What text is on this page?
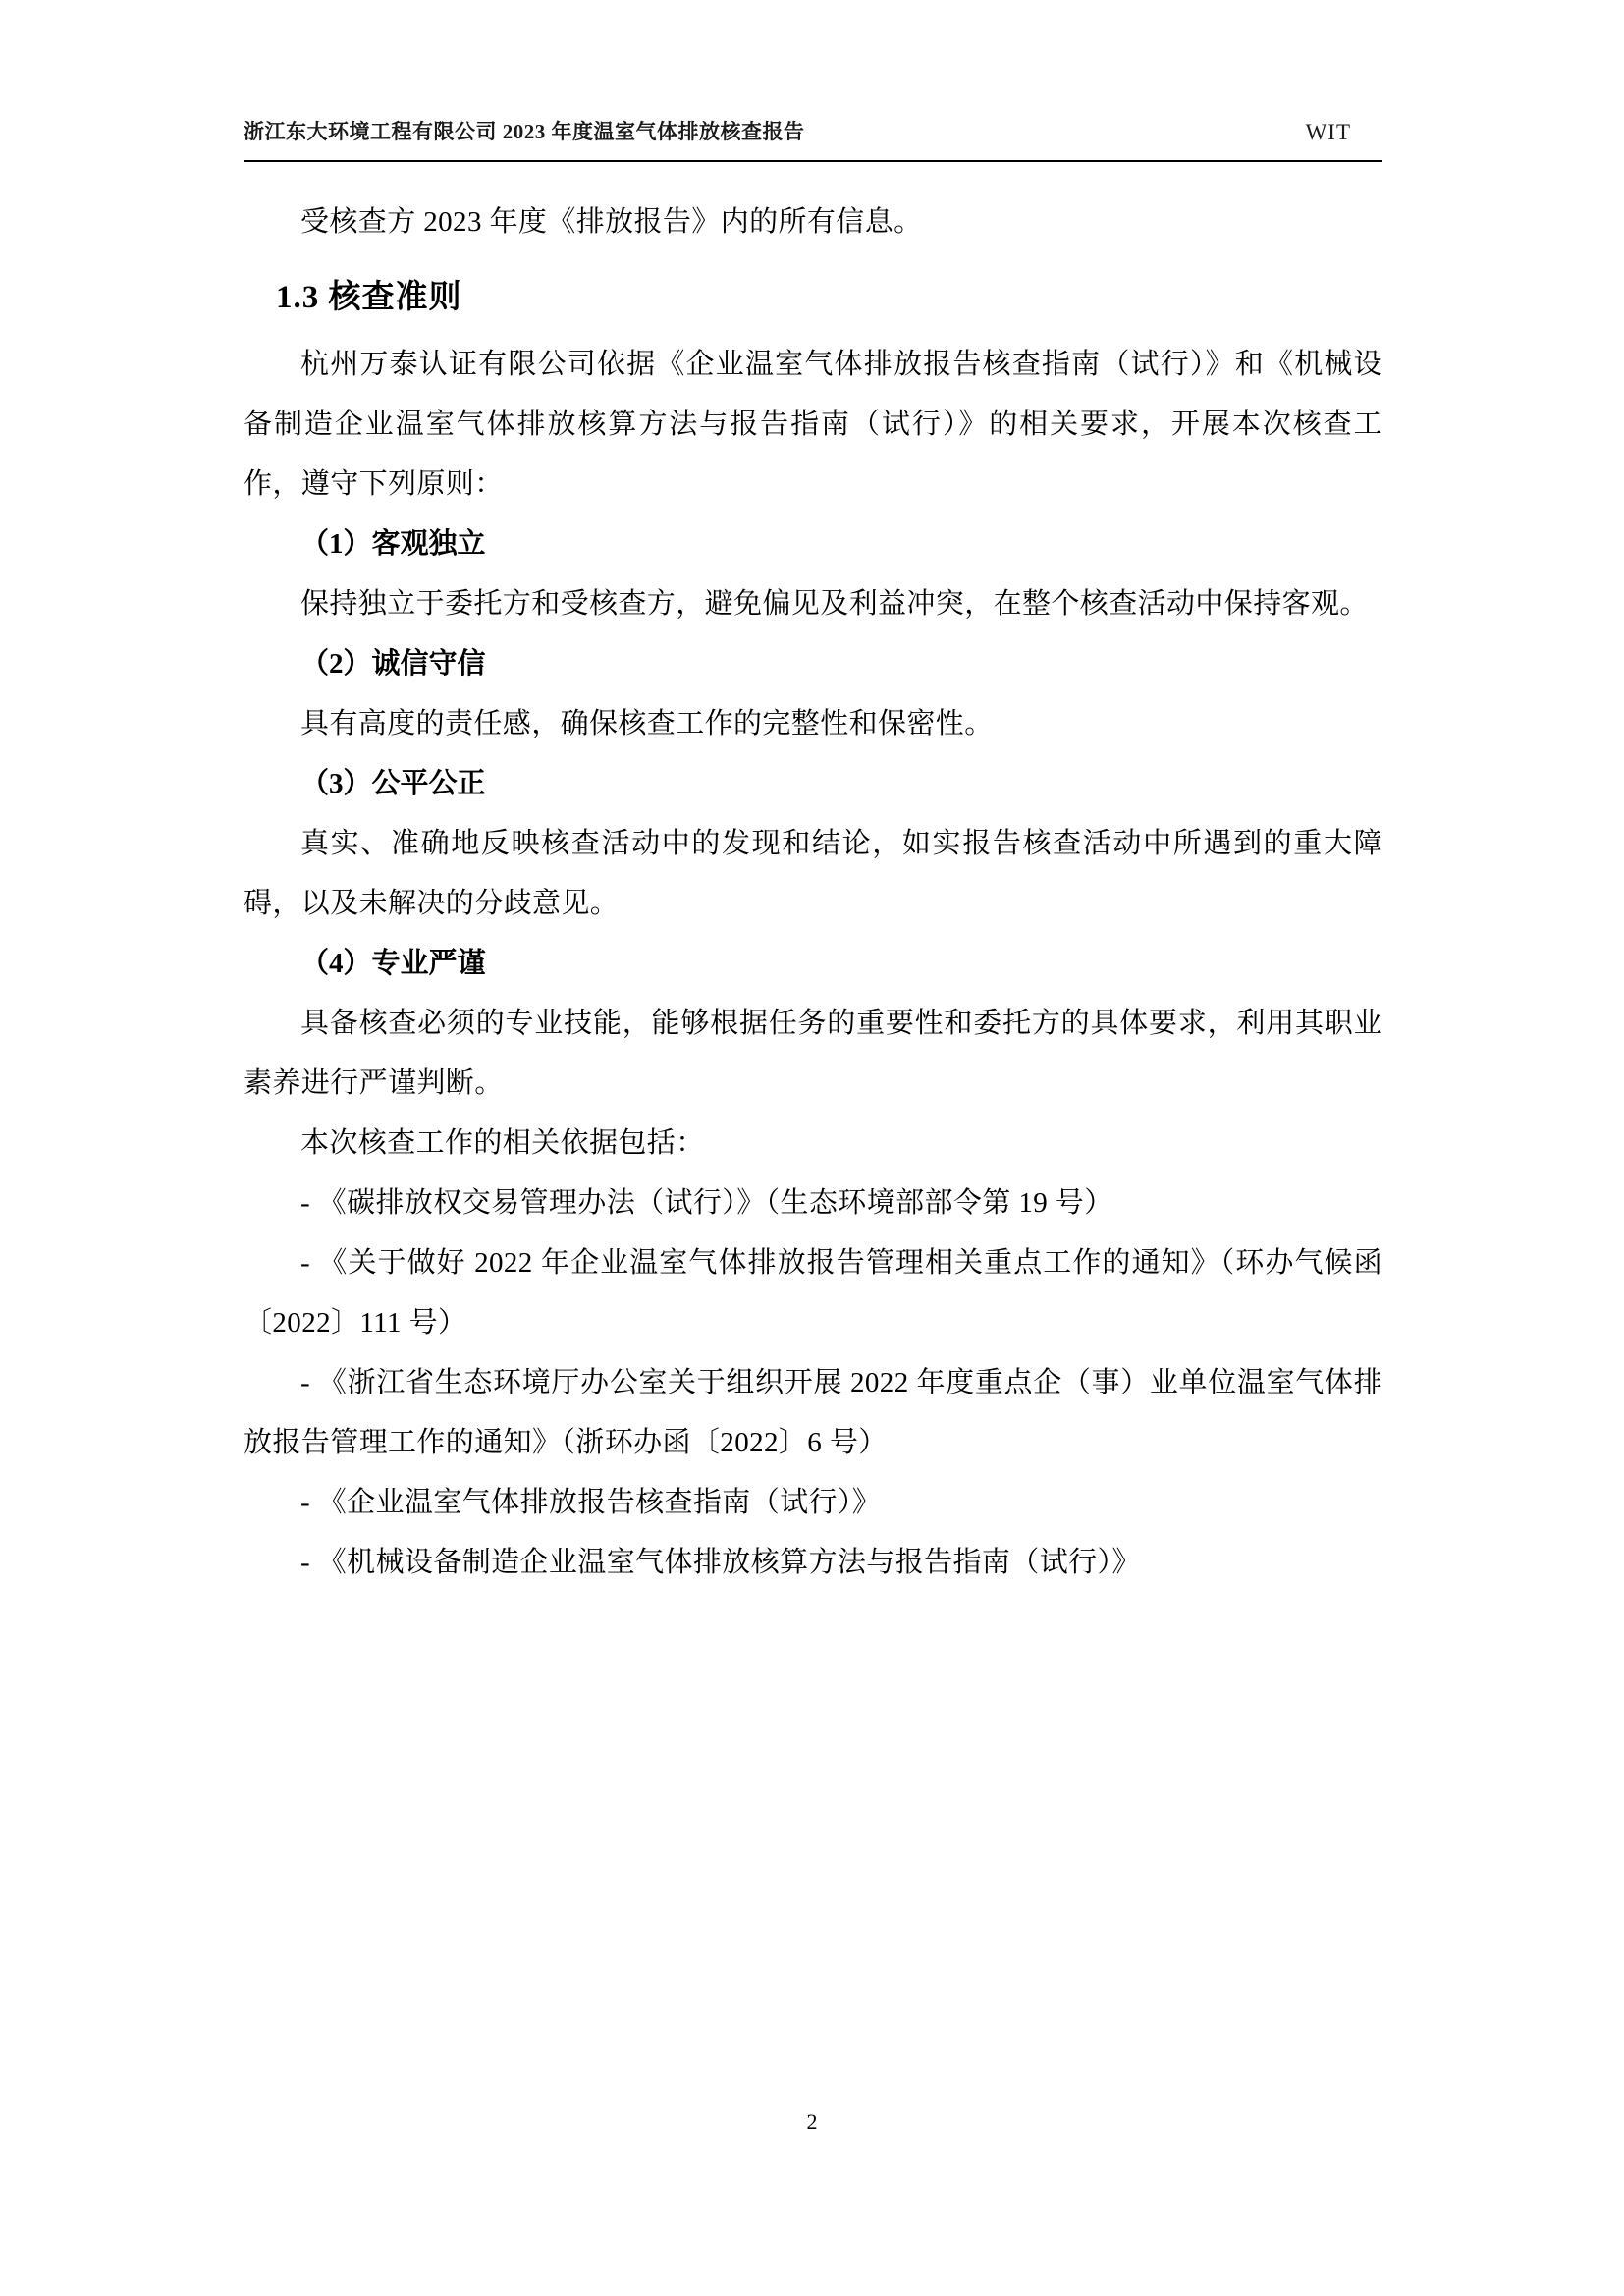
浙江东大环境工程有限公司 2023 年度温室气体排放核查报告	WIT

受核查方 2023 年度《排放报告》内的所有信息。

1.3 核查准则

杭州万泰认证有限公司依据《企业温室气体排放报告核查指南（试行）》和《机械设备制造企业温室气体排放核算方法与报告指南（试行）》的相关要求，开展本次核查工作，遵守下列原则：

（1）客观独立

保持独立于委托方和受核查方，避免偏见及利益冲突，在整个核查活动中保持客观。

（2）诚信守信

具有高度的责任感，确保核查工作的完整性和保密性。

（3）公平公正

真实、准确地反映核查活动中的发现和结论，如实报告核查活动中所遇到的重大障碍，以及未解决的分歧意见。

（4）专业严谨

具备核查必须的专业技能，能够根据任务的重要性和委托方的具体要求，利用其职业素养进行严谨判断。

本次核查工作的相关依据包括：

- 《碳排放权交易管理办法（试行）》（生态环境部部令第 19 号）

- 《关于做好 2022 年企业温室气体排放报告管理相关重点工作的通知》（环办气候函〔2022〕111 号）

- 《浙江省生态环境厅办公室关于组织开展 2022 年度重点企（事）业单位温室气体排放报告管理工作的通知》（浙环办函〔2022〕6 号）

- 《企业温室气体排放报告核查指南（试行）》

- 《机械设备制造企业温室气体排放核算方法与报告指南（试行）》

2
